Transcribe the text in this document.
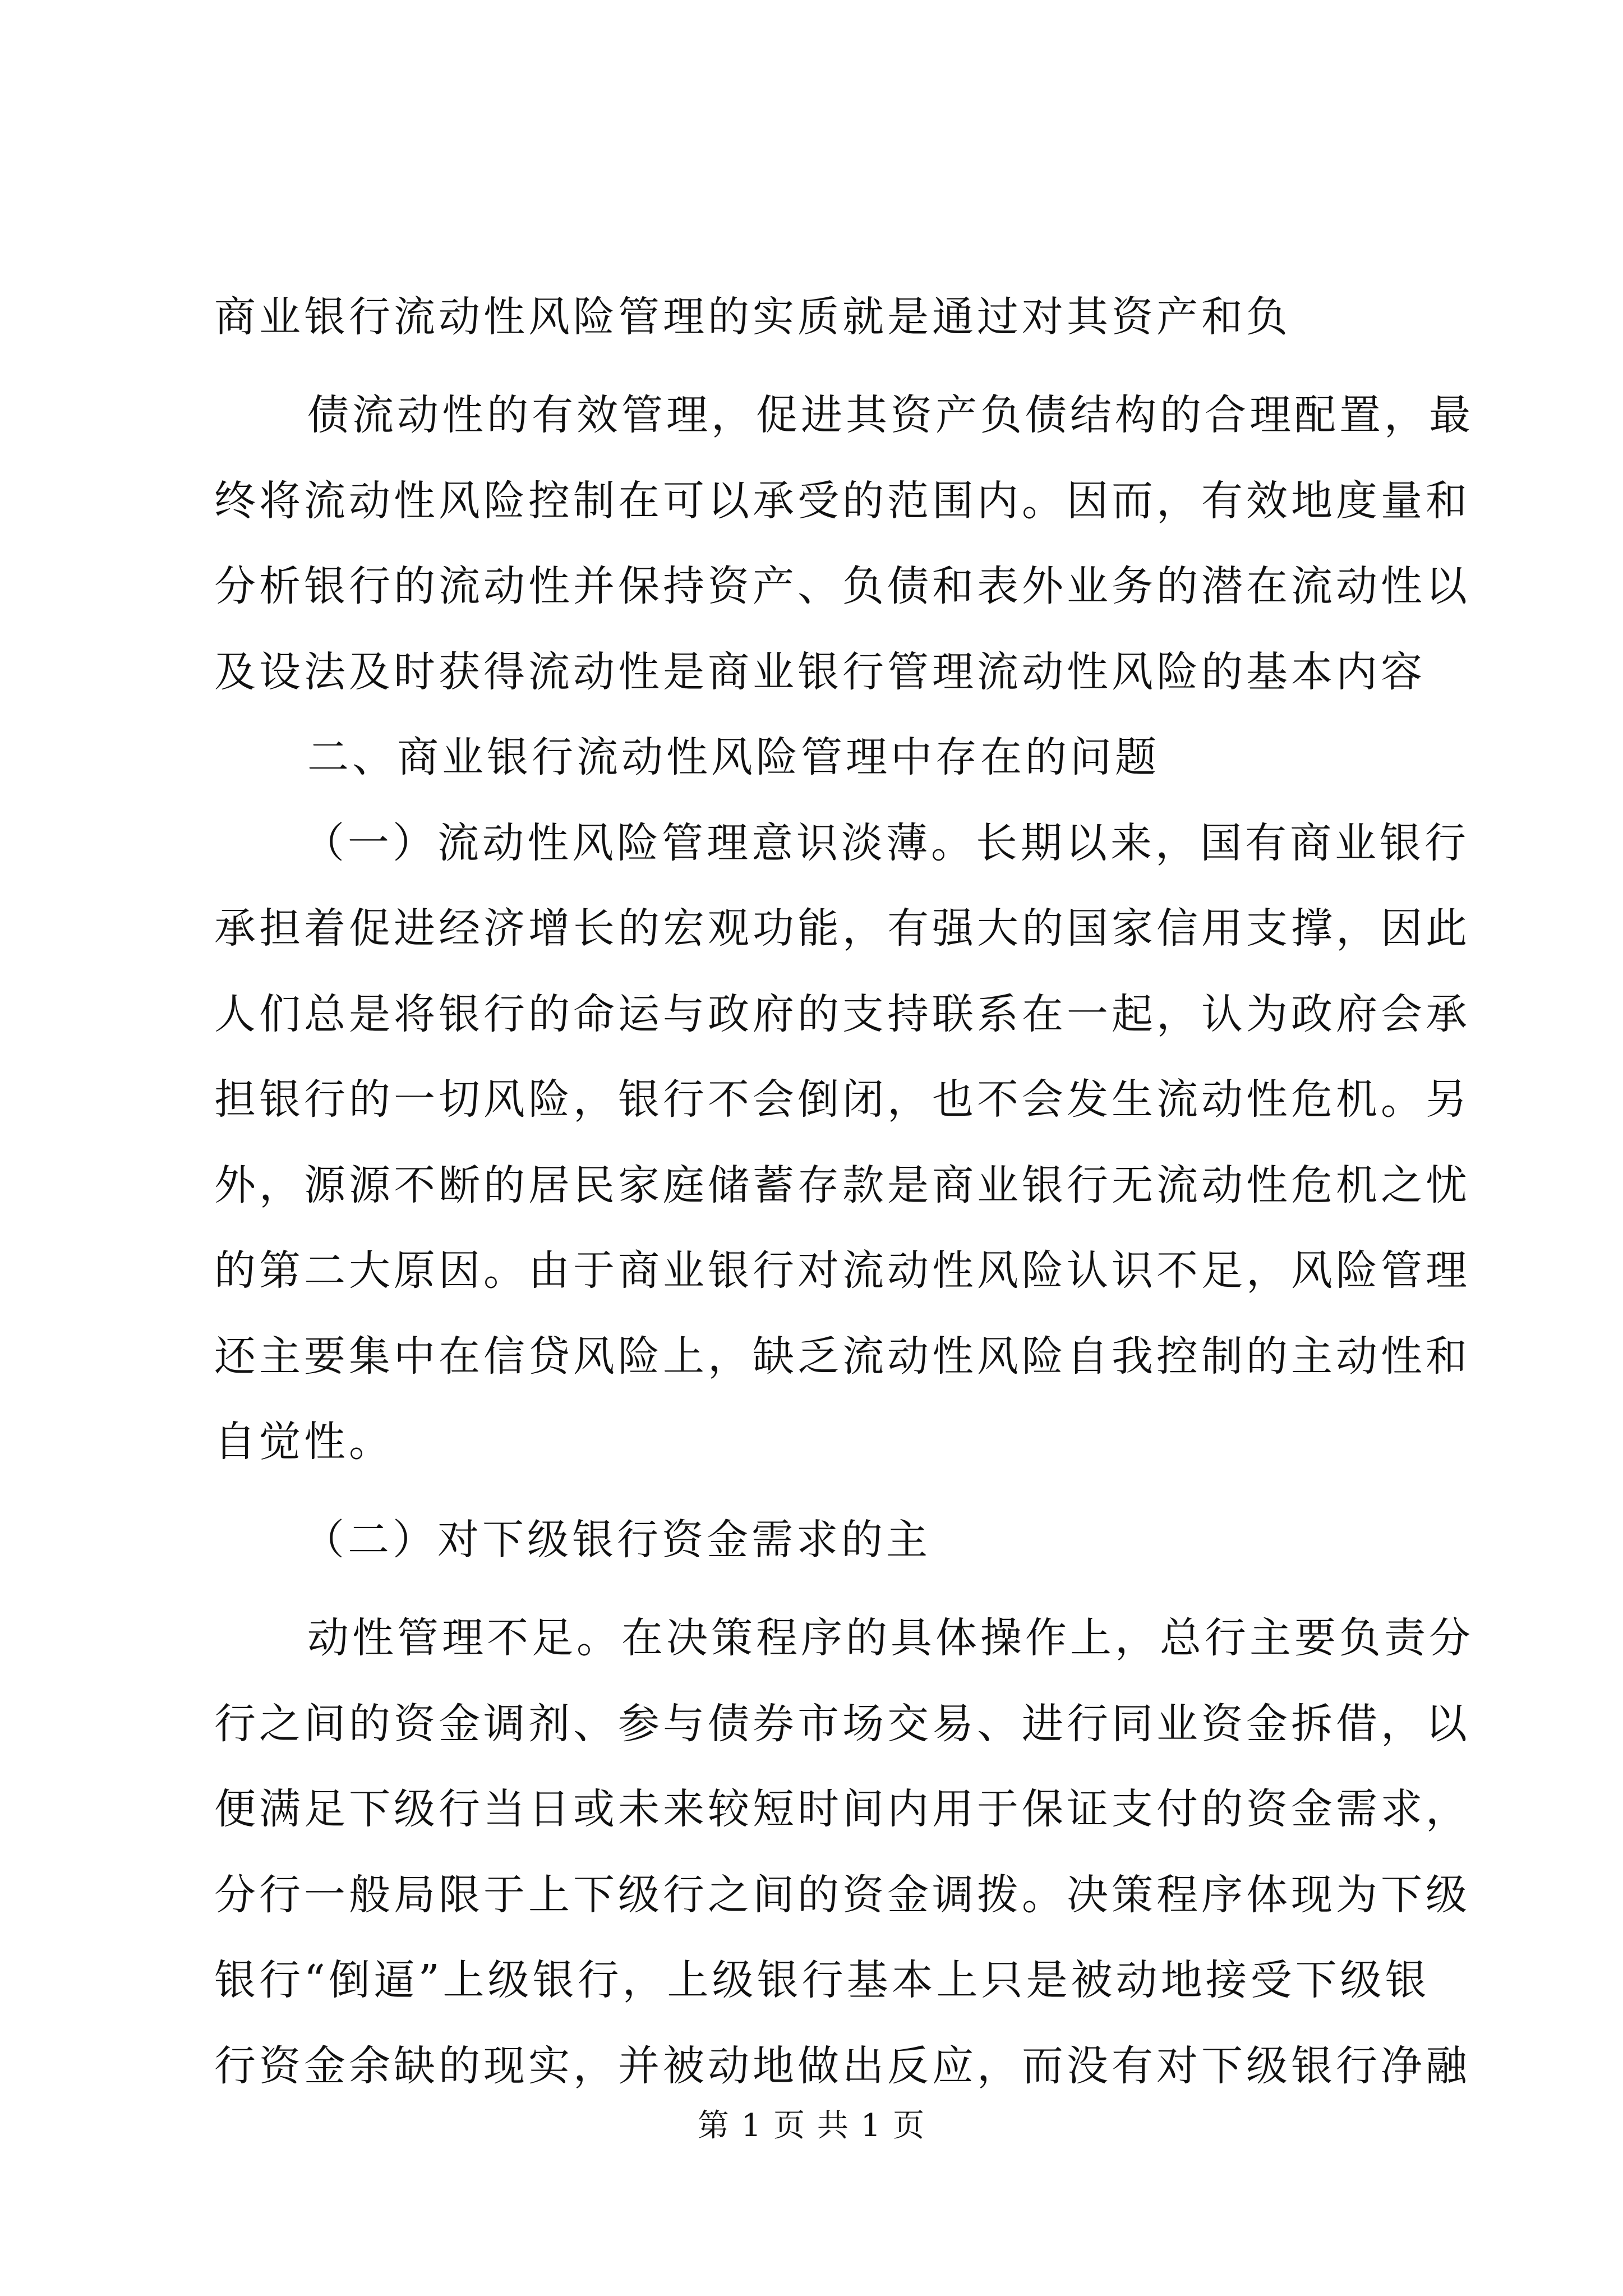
商业银行流动性风险管理的实质就是通过对其资产和负
债流动性的有效管理，促进其资产负债结构的合理配置，最
终将流动性风险控制在可以承受的范围内。因而，有效地度量和
分析银行的流动性并保持资产、负债和表外业务的潜在流动性以
及设法及时获得流动性是商业银行管理流动性风险的基本内容
二、商业银行流动性风险管理中存在的问题
（一）流动性风险管理意识淡薄。长期以来，国有商业银行
承担着促进经济增长的宏观功能，有强大的国家信用支撑，因此
人们总是将银行的命运与政府的支持联系在一起，认为政府会承
担银行的一切风险，银行不会倒闭，也不会发生流动性危机。另
外，源源不断的居民家庭储蓄存款是商业银行无流动性危机之忧
的第二大原因。由于商业银行对流动性风险认识不足，风险管理
还主要集中在信贷风险上，缺乏流动性风险自我控制的主动性和
自觉性。
（二）对下级银行资金需求的主
动性管理不足。在决策程序的具体操作上，总行主要负责分
行之间的资金调剂、参与债券市场交易、进行同业资金拆借，以
便满足下级行当日或未来较短时间内用于保证支付的资金需求，
分行一般局限于上下级行之间的资金调拨。决策程序体现为下级
银行“倒逼”上级银行，上级银行基本上只是被动地接受下级银
行资金余缺的现实，并被动地做出反应，而没有对下级银行净融
第 1 页 共 1 页
